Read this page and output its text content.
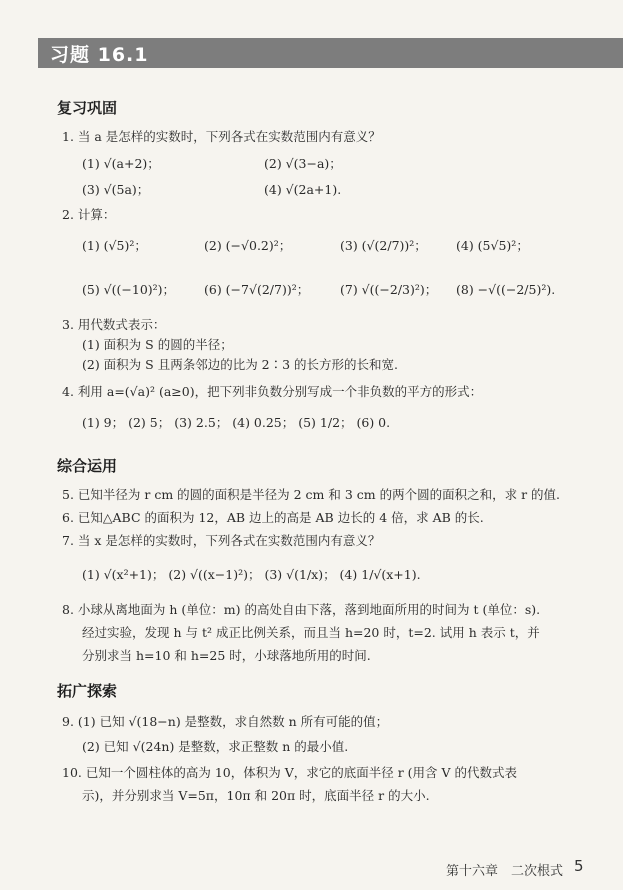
习题 16.1
复习巩固
1. 当 a 是怎样的实数时，下列各式在实数范围内有意义？
(1) √(a+2)；	(2) √(3−a)；
(3) √(5a)；	(4) √(2a+1).
2. 计算：
(1) (√5)²；	(2) (−√0.2)²；	(3) (√(2/7))²； (4) (5√5)²；
(5) √((−10)²)； (6) (−7√(2/7))²； (7) √((−2/3)²)； (8) −√((−2/5)²).
3. 用代数式表示：
(1) 面积为 S 的圆的半径；
(2) 面积为 S 且两条邻边的比为 2∶3 的长方形的长和宽.
4. 利用 a=(√a)² (a≥0)，把下列非负数分别写成一个非负数的平方的形式：
(1) 9； (2) 5； (3) 2.5； (4) 0.25； (5) 1/2； (6) 0.
综合运用
5. 已知半径为 r cm 的圆的面积是半径为 2 cm 和 3 cm 的两个圆的面积之和，求 r 的值.
6. 已知△ABC 的面积为 12，AB 边上的高是 AB 边长的 4 倍，求 AB 的长.
7. 当 x 是怎样的实数时，下列各式在实数范围内有意义？
(1) √(x²+1)； (2) √((x−1)²)； (3) √(1/x)； (4) 1/√(x+1).
8. 小球从离地面为 h (单位：m) 的高处自由下落，落到地面所用的时间为 t (单位：s).
经过实验，发现 h 与 t² 成正比例关系，而且当 h=20 时，t=2. 试用 h 表示 t，并
分别求当 h=10 和 h=25 时，小球落地所用的时间.
拓广探索
9. (1) 已知 √(18−n) 是整数，求自然数 n 所有可能的值；
(2) 已知 √(24n) 是整数，求正整数 n 的最小值.
10. 已知一个圆柱体的高为 10，体积为 V，求它的底面半径 r (用含 V 的代数式表
示)，并分别求当 V=5π，10π 和 20π 时，底面半径 r 的大小.
第十六章　二次根式 5
